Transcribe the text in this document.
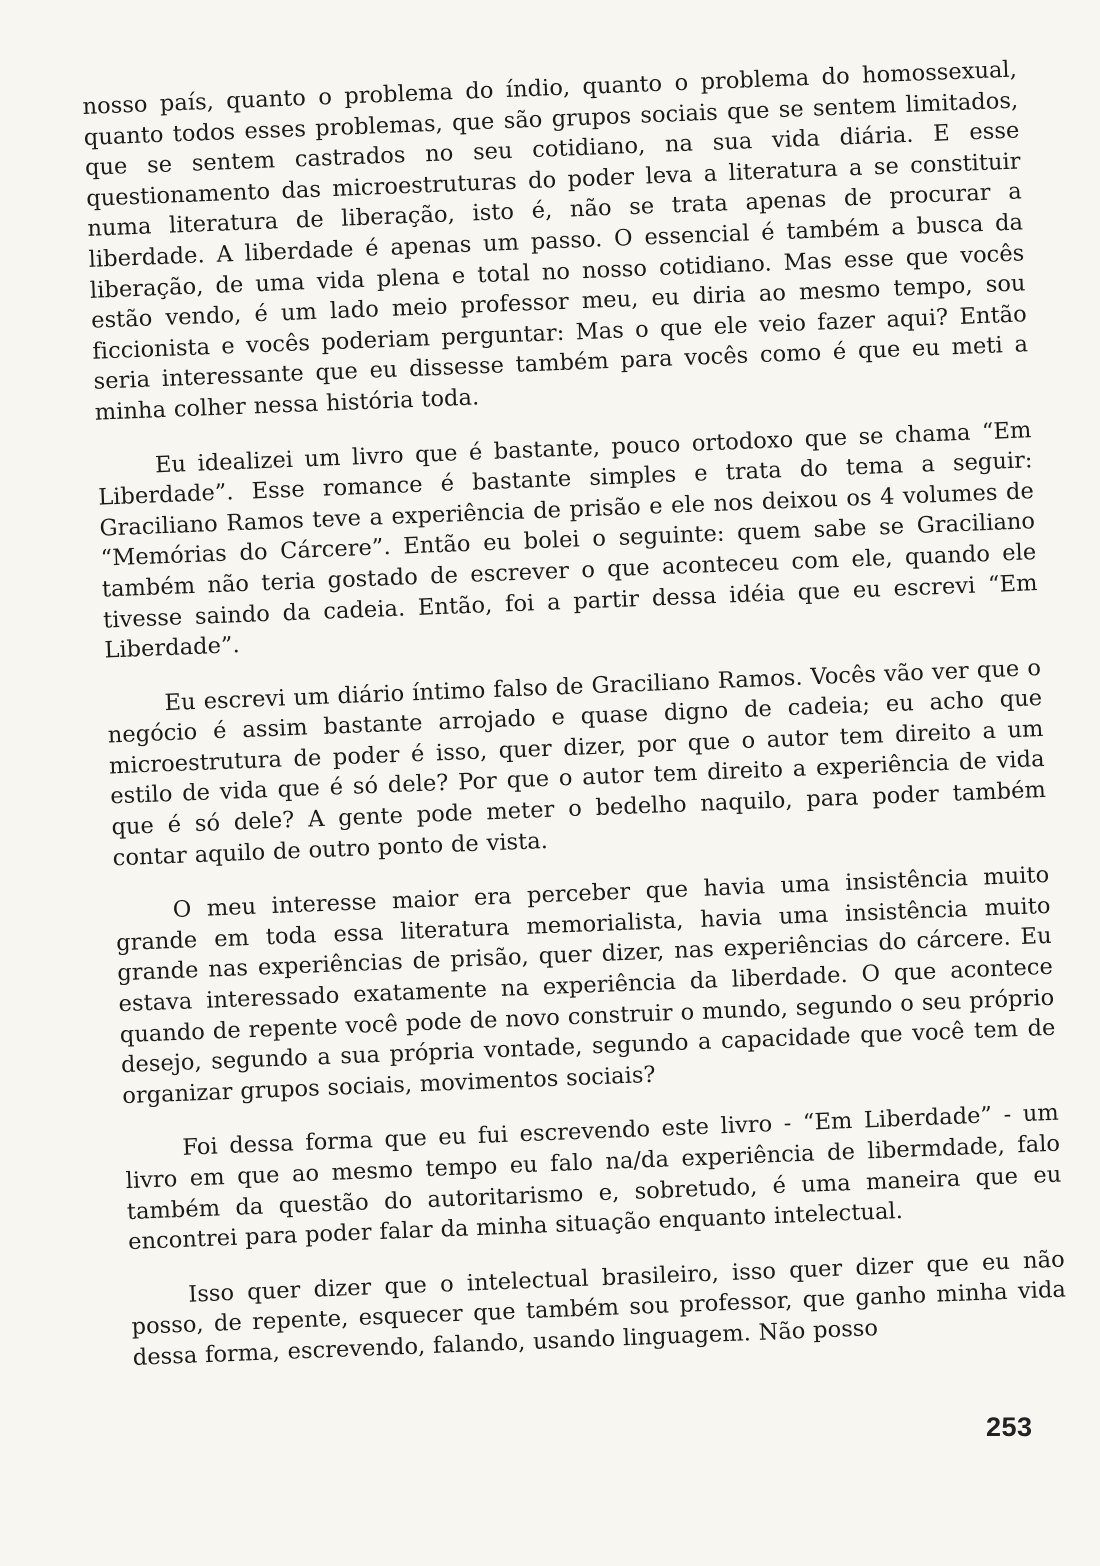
nosso país, quanto o problema do índio, quanto o problema do homossexual, quanto todos esses problemas, que são grupos sociais que se sentem limitados, que se sentem castrados no seu cotidiano, na sua vida diária. E esse questionamento das microestruturas do poder leva a literatura a se constituir numa literatura de liberação, isto é, não se trata apenas de procurar a liberdade. A liberdade é apenas um passo. O essencial é também a busca da liberação, de uma vida plena e total no nosso cotidiano. Mas esse que vocês estão vendo, é um lado meio professor meu, eu diria ao mesmo tempo, sou ficcionista e vocês poderiam perguntar: Mas o que ele veio fazer aqui? Então seria interessante que eu dissesse também para vocês como é que eu meti a minha colher nessa história toda.

Eu idealizei um livro que é bastante, pouco ortodoxo que se chama “Em Liberdade”. Esse romance é bastante simples e trata do tema a seguir: Graciliano Ramos teve a experiência de prisão e ele nos deixou os 4 volumes de “Memórias do Cárcere”. Então eu bolei o seguinte: quem sabe se Graciliano também não teria gostado de escrever o que aconteceu com ele, quando ele tivesse saindo da cadeia. Então, foi a partir dessa idéia que eu escrevi “Em Liberdade”.

Eu escrevi um diário íntimo falso de Graciliano Ramos. Vocês vão ver que o negócio é assim bastante arrojado e quase digno de cadeia; eu acho que microestrutura de poder é isso, quer dizer, por que o autor tem direito a um estilo de vida que é só dele? Por que o autor tem direito a experiência de vida que é só dele? A gente pode meter o bedelho naquilo, para poder também contar aquilo de outro ponto de vista.

O meu interesse maior era perceber que havia uma insistência muito grande em toda essa literatura memorialista, havia uma insistência muito grande nas experiências de prisão, quer dizer, nas experiências do cárcere. Eu estava interessado exatamente na experiência da liberdade. O que acontece quando de repente você pode de novo construir o mundo, segundo o seu próprio desejo, segundo a sua própria vontade, segundo a capacidade que você tem de organizar grupos sociais, movimentos sociais?

Foi dessa forma que eu fui escrevendo este livro - “Em Liberdade” - um livro em que ao mesmo tempo eu falo na/da experiência de libermdade, falo também da questão do autoritarismo e, sobretudo, é uma maneira que eu encontrei para poder falar da minha situação enquanto intelectual.

Isso quer dizer que o intelectual brasileiro, isso quer dizer que eu não posso, de repente, esquecer que também sou professor, que ganho minha vida dessa forma, escrevendo, falando, usando linguagem. Não posso

253
